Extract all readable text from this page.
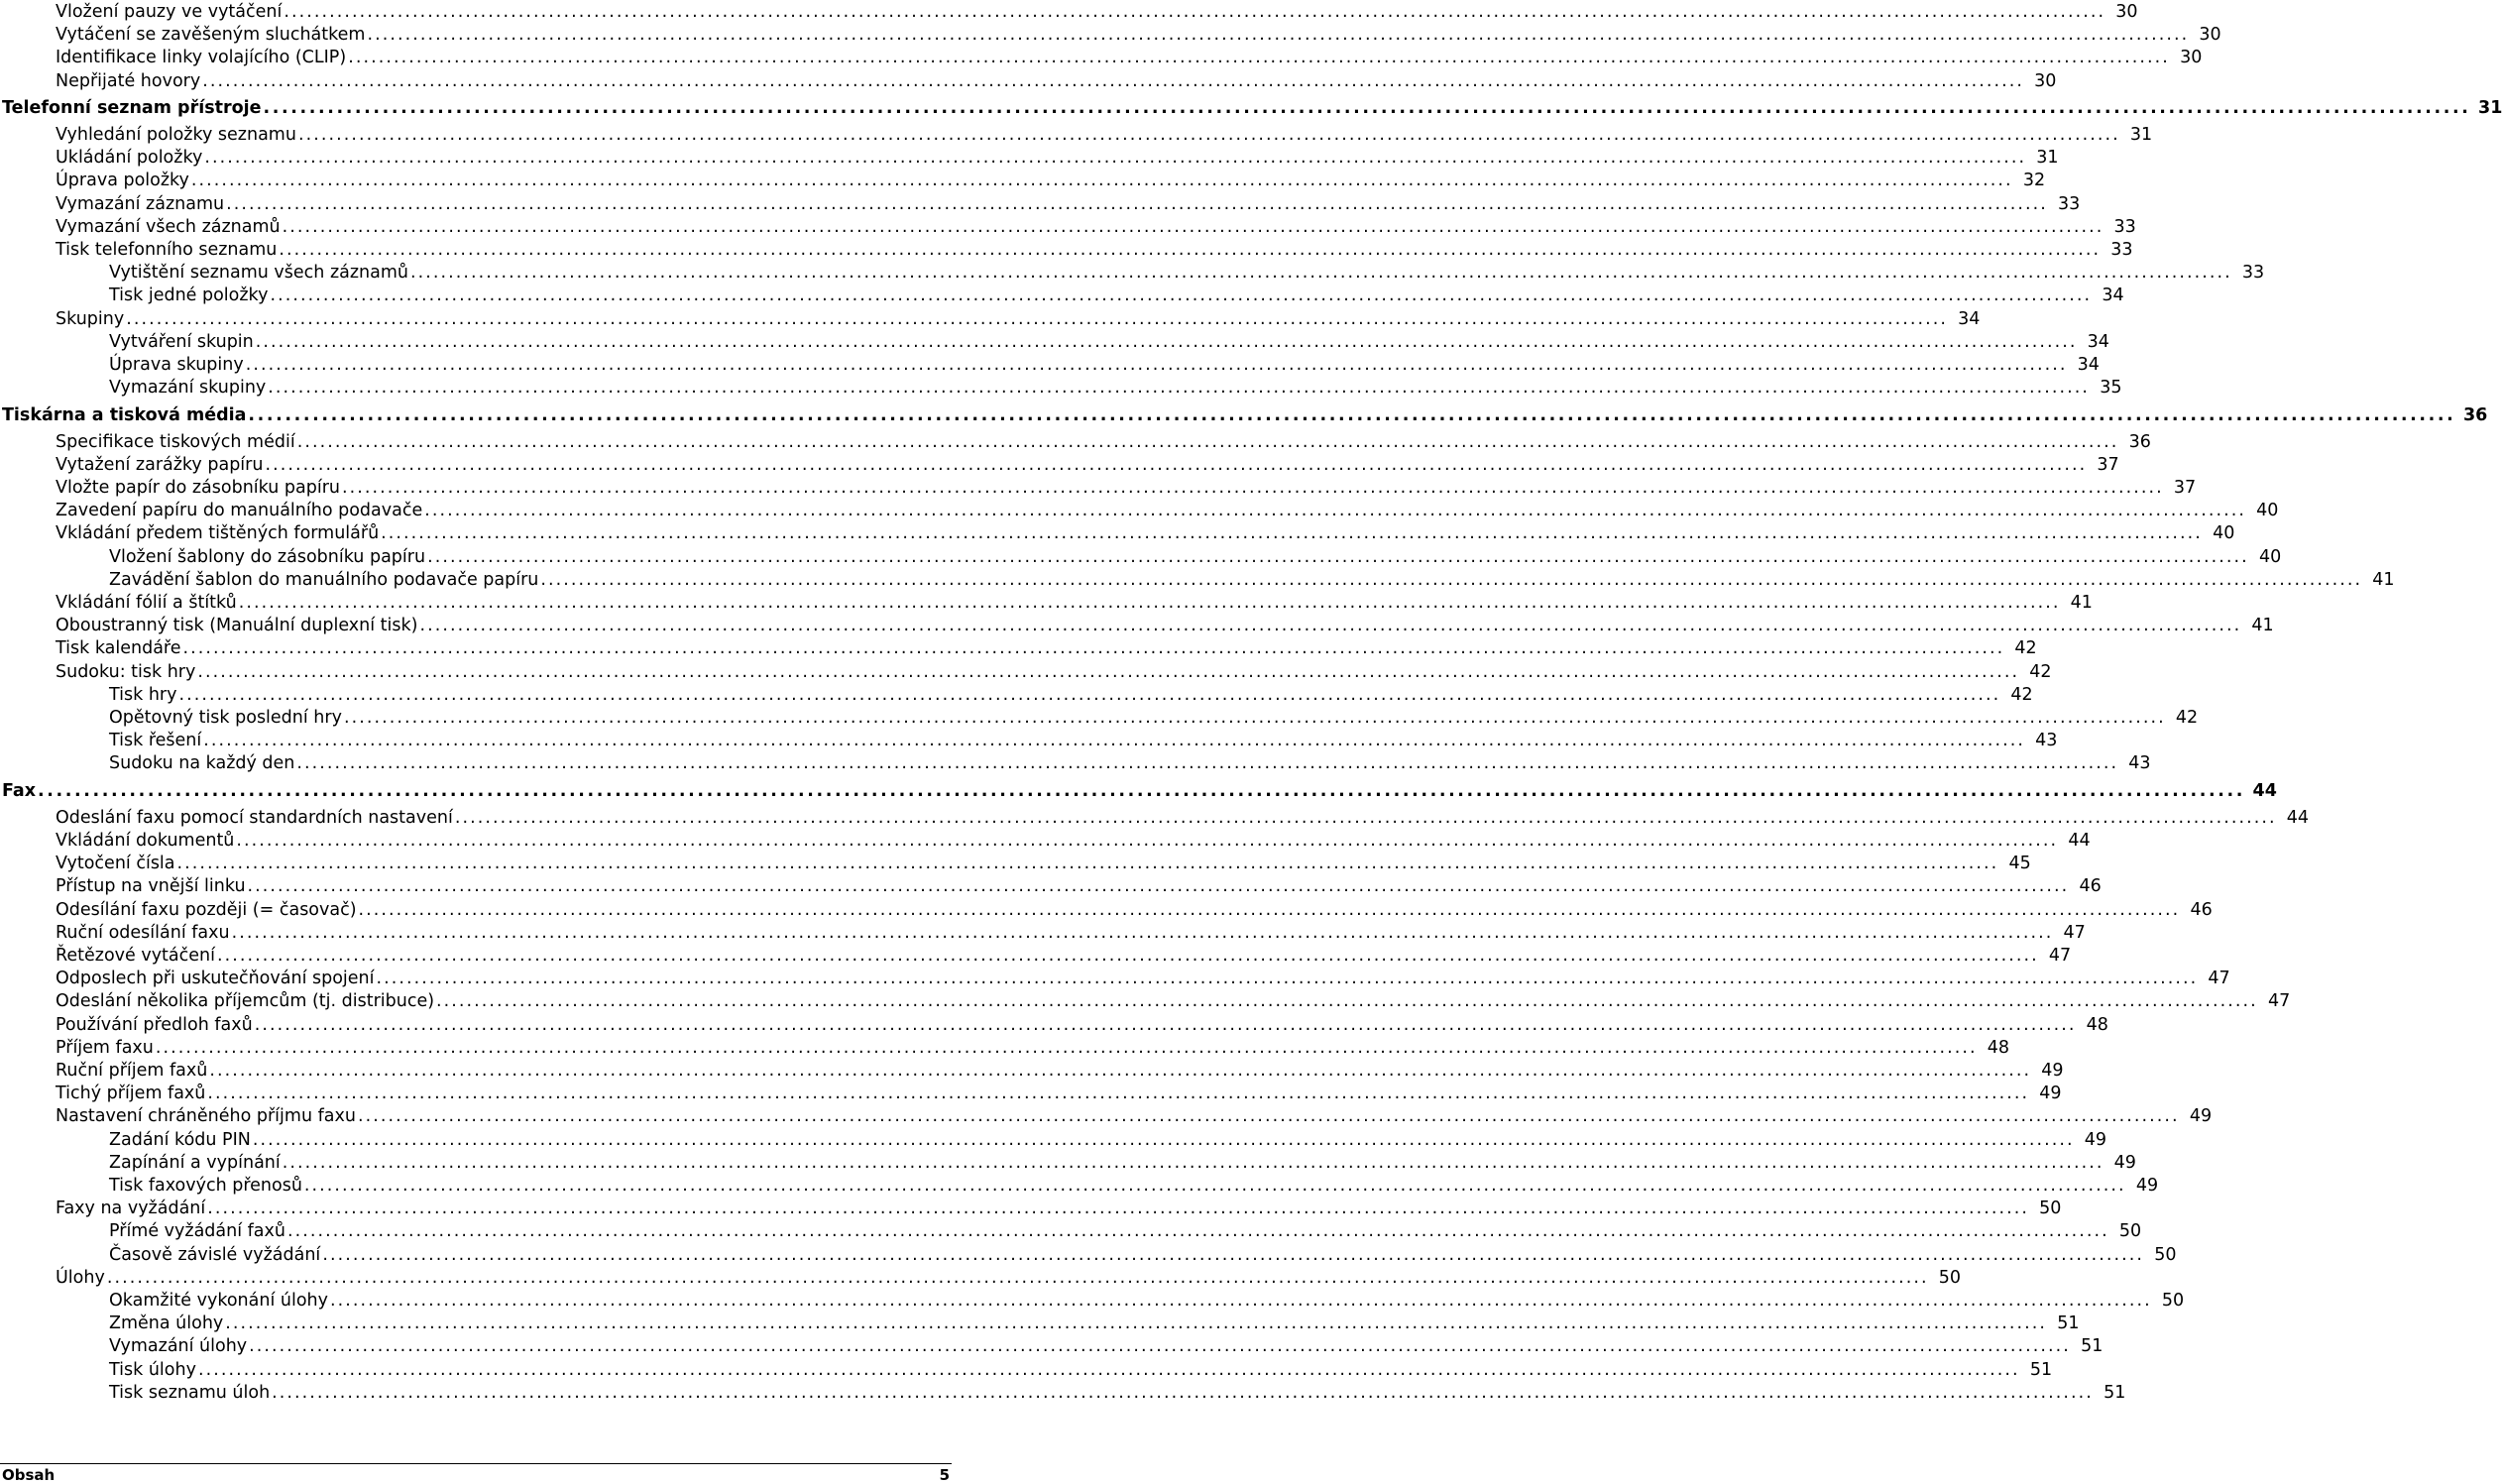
Vložení pauzy ve vytáčení . . .	30
Vytáčení se zavěšeným sluchátkem . . .	30
Identifikace linky volajícího (CLIP) . . .	30
Nepřijaté hovory . . .	30
Telefonní seznam přístroje . . .	31
Vyhledání položky seznamu . . .	31
Ukládání položky . . .	31
Úprava položky . . .	32
Vymazání záznamu . . .	33
Vymazání všech záznamů . . .	33
Tisk telefonního seznamu . . .	33
Vytištění seznamu všech záznamů . . .	33
Tisk jedné položky . . .	34
Skupiny . . .	34
Vytváření skupin . . .	34
Úprava skupiny . . .	34
Vymazání skupiny . . .	35
Tiskárna a tisková média . . .	36
Specifikace tiskových médií . . .	36
Vytažení zarážky papíru . . .	37
Vložte papír do zásobníku papíru . . .	37
Zavedení papíru do manuálního podavače . . .	40
Vkládání předem tištěných formulářů . . .	40
Vložení šablony do zásobníku papíru . . .	40
Zavádění šablon do manuálního podavače papíru . . .	41
Vkládání fólií a štítků . . .	41
Oboustranný tisk (Manuální duplexní tisk) . . .	41
Tisk kalendáře . . .	42
Sudoku: tisk hry . . .	42
Tisk hry . . .	42
Opětovný tisk poslední hry . . .	42
Tisk řešení . . .	43
Sudoku na každý den . . .	43
Fax . . .	44
Odeslání faxu pomocí standardních nastavení . . .	44
Vkládání dokumentů . . .	44
Vytočení čísla . . .	45
Přístup na vnější linku . . .	46
Odesílání faxu později (= časovač) . . .	46
Ruční odesílání faxu . . .	47
Řetězové vytáčení . . .	47
Odposlech při uskutečňování spojení . . .	47
Odeslání několika příjemcům (tj. distribuce) . . .	47
Používání předloh faxů . . .	48
Příjem faxu . . .	48
Ruční příjem faxů . . .	49
Tichý příjem faxů . . .	49
Nastavení chráněného příjmu faxu . . .	49
Zadání kódu PIN . . .	49
Zapínání a vypínání . . .	49
Tisk faxových přenosů . . .	49
Faxy na vyžádání . . .	50
Přímé vyžádání faxů . . .	50
Časově závislé vyžádání . . .	50
Úlohy . . .	50
Okamžité vykonání úlohy . . .	50
Změna úlohy . . .	51
Vymazání úlohy . . .	51
Tisk úlohy . . .	51
Tisk seznamu úloh . . .	51
Obsah	5
